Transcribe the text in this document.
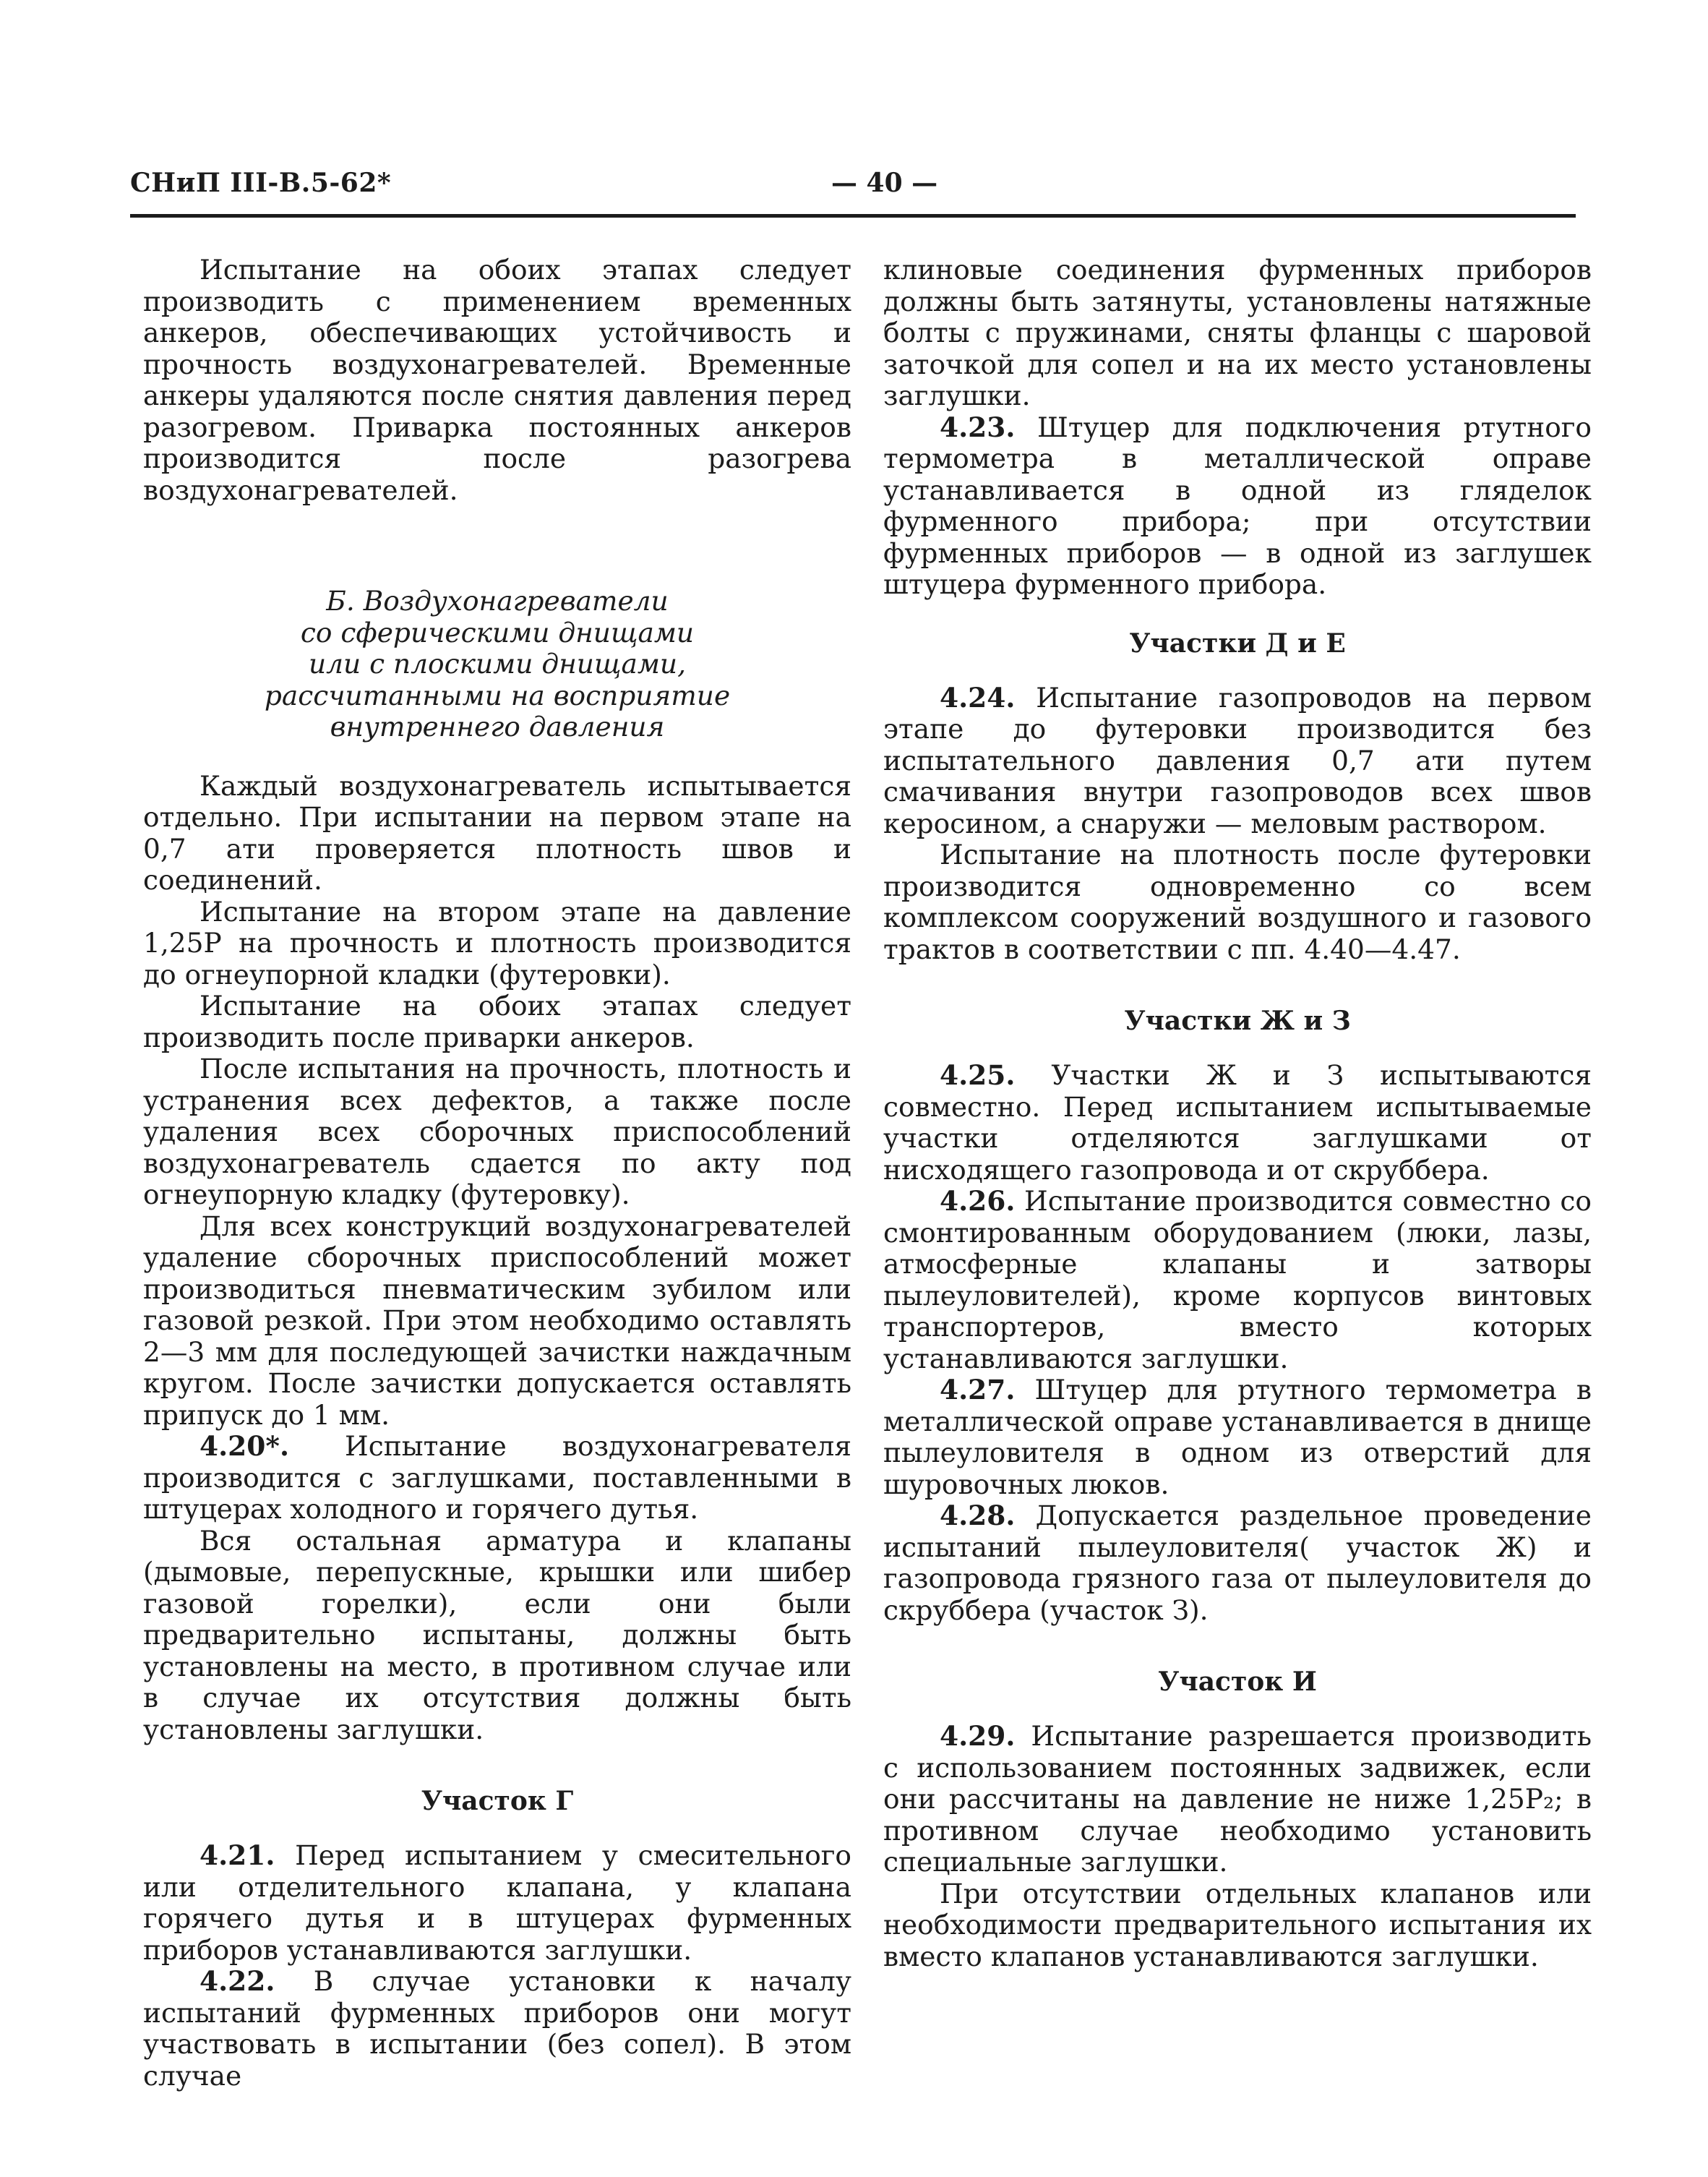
СНиП III-В.5-62*	— 40 —

Испытание на обоих этапах следует производить с применением временных анкеров, обеспечивающих устойчивость и прочность воздухонагревателей. Временные анкеры удаляются после снятия давления перед разогревом. Приварка постоянных анкеров производится после разогрева воздухонагревателей.

Б. Воздухонагреватели
со сферическими днищами
или с плоскими днищами,
рассчитанными на восприятие
внутреннего давления

Каждый воздухонагреватель испытывается отдельно. При испытании на первом этапе на 0,7 ати проверяется плотность швов и соединений.

Испытание на втором этапе на давление 1,25P на прочность и плотность производится до огнеупорной кладки (футеровки).

Испытание на обоих этапах следует производить после приварки анкеров.

После испытания на прочность, плотность и устранения всех дефектов, а также после удаления всех сборочных приспособлений воздухонагреватель сдается по акту под огнеупорную кладку (футеровку).

Для всех конструкций воздухонагревателей удаление сборочных приспособлений может производиться пневматическим зубилом или газовой резкой. При этом необходимо оставлять 2—3 мм для последующей зачистки наждачным кругом. После зачистки допускается оставлять припуск до 1 мм.

4.20*. Испытание воздухонагревателя производится с заглушками, поставленными в штуцерах холодного и горячего дутья.

Вся остальная арматура и клапаны (дымовые, перепускные, крышки или шибер газовой горелки), если они были предварительно испытаны, должны быть установлены на место, в противном случае или в случае их отсутствия должны быть установлены заглушки.

Участок Г

4.21. Перед испытанием у смесительного или отделительного клапана, у клапана горячего дутья и в штуцерах фурменных приборов устанавливаются заглушки.

4.22. В случае установки к началу испытаний фурменных приборов они могут участвовать в испытании (без сопел). В этом случае

клиновые соединения фурменных приборов должны быть затянуты, установлены натяжные болты с пружинами, сняты фланцы с шаровой заточкой для сопел и на их место установлены заглушки.

4.23. Штуцер для подключения ртутного термометра в металлической оправе устанавливается в одной из гляделок фурменного прибора; при отсутствии фурменных приборов — в одной из заглушек штуцера фурменного прибора.

Участки Д и Е

4.24. Испытание газопроводов на первом этапе до футеровки производится без испытательного давления 0,7 ати путем смачивания внутри газопроводов всех швов керосином, а снаружи — меловым раствором.

Испытание на плотность после футеровки производится одновременно со всем комплексом сооружений воздушного и газового трактов в соответствии с пп. 4.40—4.47.

Участки Ж и З

4.25. Участки Ж и З испытываются совместно. Перед испытанием испытываемые участки отделяются заглушками от нисходящего газопровода и от скруббера.

4.26. Испытание производится совместно со смонтированным оборудованием (люки, лазы, атмосферные клапаны и затворы пылеуловителей), кроме корпусов винтовых транспортеров, вместо которых устанавливаются заглушки.

4.27. Штуцер для ртутного термометра в металлической оправе устанавливается в днище пылеуловителя в одном из отверстий для шуровочных люков.

4.28. Допускается раздельное проведение испытаний пылеуловителя( участок Ж) и газопровода грязного газа от пылеуловителя до скруббера (участок З).

Участок И

4.29. Испытание разрешается производить с использованием постоянных задвижек, если они рассчитаны на давление не ниже 1,25P₂; в противном случае необходимо установить специальные заглушки.

При отсутствии отдельных клапанов или необходимости предварительного испытания их вместо клапанов устанавливаются заглушки.
